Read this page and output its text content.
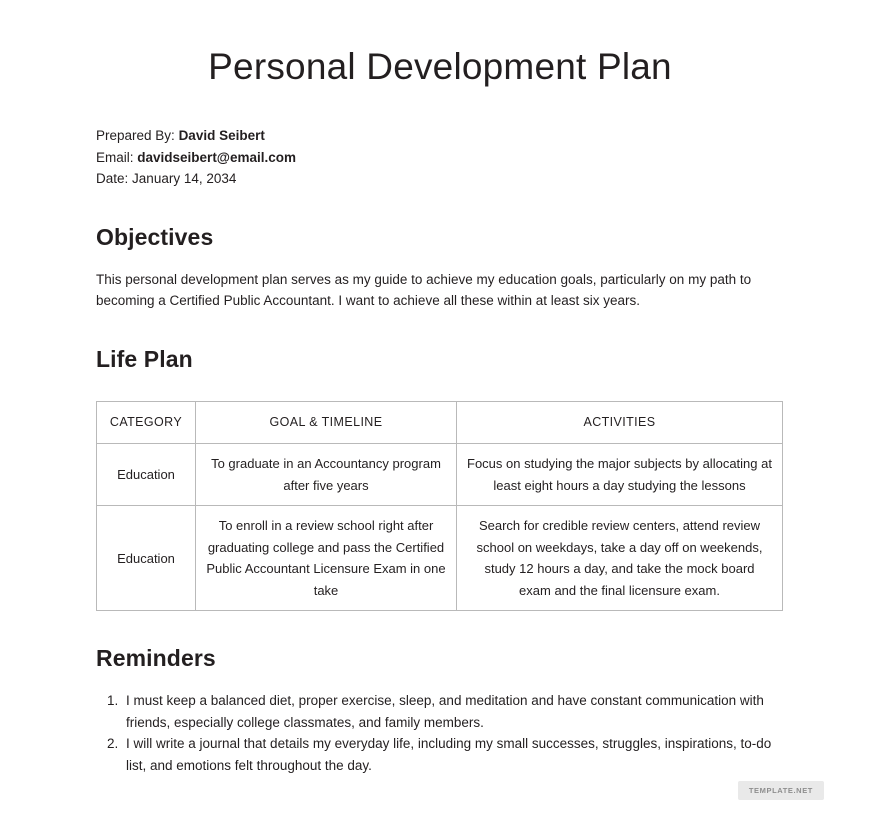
Personal Development Plan
Prepared By: David Seibert
Email: davidseibert@email.com
Date: January 14, 2034
Objectives

This personal development plan serves as my guide to achieve my education goals, particularly on my path to becoming a Certified Public Accountant. I want to achieve all these within at least six years.

Life Plan
CATEGORY	GOAL & TIMELINE	ACTIVITIES
Education	To graduate in an Accountancy program after five years	Focus on studying the major subjects by allocating at least eight hours a day studying the lessons
Education	To enroll in a review school right after graduating college and pass the Certified Public Accountant Licensure Exam in one take	Search for credible review centers, attend review school on weekdays, take a day off on weekends, study 12 hours a day, and take the mock board exam and the final licensure exam.
Reminders
1. I must keep a balanced diet, proper exercise, sleep, and meditation and have constant communication with friends, especially college classmates, and family members.
2. I will write a journal that details my everyday life, including my small successes, struggles, inspirations, to-do list, and emotions felt throughout the day.
TEMPLATE.NET
